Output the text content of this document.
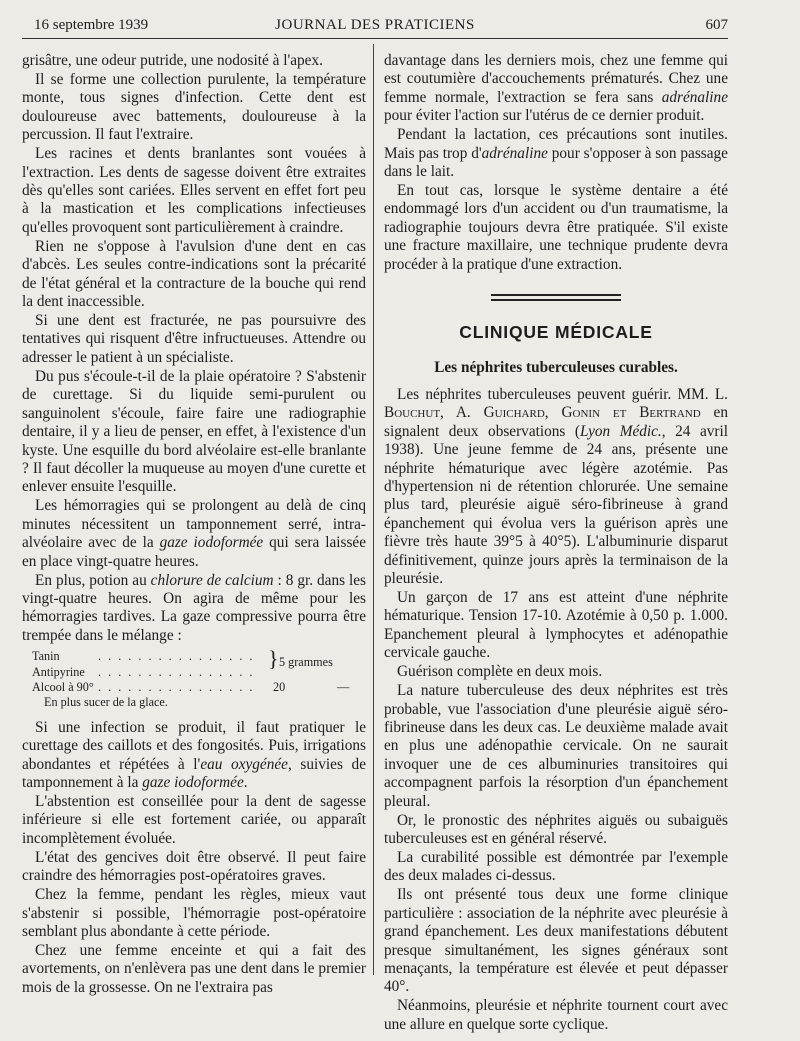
16 septembre 1939	JOURNAL DES PRATICIENS	607

grisâtre, une odeur putride, une nodosité à l'apex.

Il se forme une collection purulente, la température monte, tous signes d'infection. Cette dent est douloureuse avec battements, douloureuse à la percussion. Il faut l'extraire.

Les racines et dents branlantes sont vouées à l'extraction. Les dents de sagesse doivent être extraites dès qu'elles sont cariées. Elles servent en effet fort peu à la mastication et les complications infectieuses qu'elles provoquent sont particulièrement à craindre.

Rien ne s'oppose à l'avulsion d'une dent en cas d'abcès. Les seules contre-indications sont la précarité de l'état général et la contracture de la bouche qui rend la dent inaccessible.

Si une dent est fracturée, ne pas poursuivre des tentatives qui risquent d'être infructueuses. Attendre ou adresser le patient à un spécialiste.

Du pus s'écoule-t-il de la plaie opératoire ? S'abstenir de curettage. Si du liquide semi-purulent ou sanguinolent s'écoule, faire faire une radiographie dentaire, il y a lieu de penser, en effet, à l'existence d'un kyste. Une esquille du bord alvéolaire est-elle branlante ? Il faut décoller la muqueuse au moyen d'une curette et enlever ensuite l'esquille.

Les hémorragies qui se prolongent au delà de cinq minutes nécessitent un tamponnement serré, intra-alvéolaire avec de la gaze iodoformée qui sera laissée en place vingt-quatre heures.

En plus, potion au chlorure de calcium : 8 gr. dans les vingt-quatre heures. On agira de même pour les hémorragies tardives. La gaze compressive pourra être trempée dans le mélange :

Tanin	. . . . . . . . . . . . . . . .
Antipyrine . . . . . . . . . . . . . . . .
} 5 grammes
Alcool à 90° . . . . . . . . . . . . . . . .	20	—
En plus sucer de la glace.

Si une infection se produit, il faut pratiquer le curettage des caillots et des fongosités. Puis, irrigations abondantes et répétées à l'eau oxygénée, suivies de tamponnement à la gaze iodoformée.

L'abstention est conseillée pour la dent de sagesse inférieure si elle est fortement cariée, ou apparaît incomplètement évoluée.

L'état des gencives doit être observé. Il peut faire craindre des hémorragies post-opératoires graves.

Chez la femme, pendant les règles, mieux vaut s'abstenir si possible, l'hémorragie post-opératoire semblant plus abondante à cette période.

Chez une femme enceinte et qui a fait des avortements, on n'enlèvera pas une dent dans le premier mois de la grossesse. On ne l'extraira pas

davantage dans les derniers mois, chez une femme qui est coutumière d'accouchements prématurés. Chez une femme normale, l'extraction se fera sans adrénaline pour éviter l'action sur l'utérus de ce dernier produit.

Pendant la lactation, ces précautions sont inutiles. Mais pas trop d'adrénaline pour s'opposer à son passage dans le lait.

En tout cas, lorsque le système dentaire a été endommagé lors d'un accident ou d'un traumatisme, la radiographie toujours devra être pratiquée. S'il existe une fracture maxillaire, une technique prudente devra procéder à la pratique d'une extraction.

CLINIQUE MÉDICALE
Les néphrites tuberculeuses curables.

Les néphrites tuberculeuses peuvent guérir. MM. L. Bouchut, A. Guichard, Gonin et Bertrand en signalent deux observations (Lyon Médic., 24 avril 1938). Une jeune femme de 24 ans, présente une néphrite hématurique avec légère azotémie. Pas d'hypertension ni de rétention chlorurée. Une semaine plus tard, pleurésie aiguë séro-fibrineuse à grand épanchement qui évolua vers la guérison après une fièvre très haute 39°5 à 40°5). L'albuminurie disparut définitivement, quinze jours après la terminaison de la pleurésie.

Un garçon de 17 ans est atteint d'une néphrite hématurique. Tension 17-10. Azotémie à 0,50 p. 1.000. Epanchement pleural à lymphocytes et adénopathie cervicale gauche.

Guérison complète en deux mois.

La nature tuberculeuse des deux néphrites est très probable, vue l'association d'une pleurésie aiguë séro-fibrineuse dans les deux cas. Le deuxième malade avait en plus une adénopathie cervicale. On ne saurait invoquer une de ces albuminuries transitoires qui accompagnent parfois la résorption d'un épanchement pleural.

Or, le pronostic des néphrites aiguës ou subaiguës tuberculeuses est en général réservé.

La curabilité possible est démontrée par l'exemple des deux malades ci-dessus.

Ils ont présenté tous deux une forme clinique particulière : association de la néphrite avec pleurésie à grand épanchement. Les deux manifestations débutent presque simultanément, les signes généraux sont menaçants, la température est élevée et peut dépasser 40°.

Néanmoins, pleurésie et néphrite tournent court avec une allure en quelque sorte cyclique.
